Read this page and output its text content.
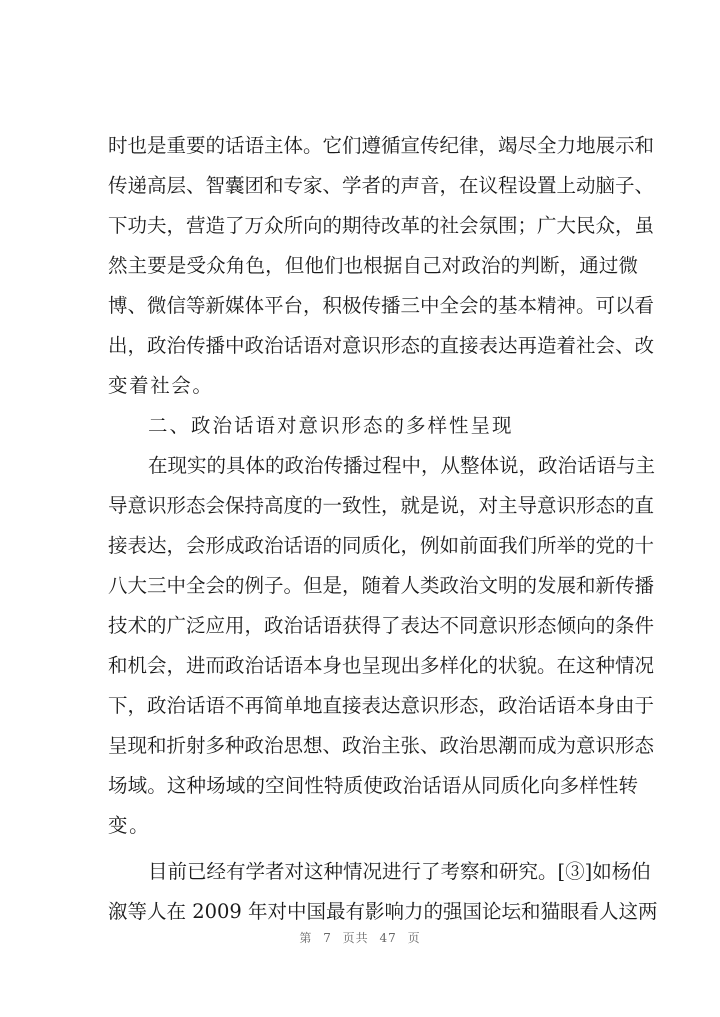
时也是重要的话语主体。它们遵循宣传纪律，竭尽全力地展示和
传递高层、智囊团和专家、学者的声音，在议程设置上动脑子、
下功夫，营造了万众所向的期待改革的社会氛围；广大民众，虽
然主要是受众角色，但他们也根据自己对政治的判断，通过微
博、微信等新媒体平台，积极传播三中全会的基本精神。可以看
出，政治传播中政治话语对意识形态的直接表达再造着社会、改
变着社会。
二、政治话语对意识形态的多样性呈现
在现实的具体的政治传播过程中，从整体说，政治话语与主
导意识形态会保持高度的一致性，就是说，对主导意识形态的直
接表达，会形成政治话语的同质化，例如前面我们所举的党的十
八大三中全会的例子。但是，随着人类政治文明的发展和新传播
技术的广泛应用，政治话语获得了表达不同意识形态倾向的条件
和机会，进而政治话语本身也呈现出多样化的状貌。在这种情况
下，政治话语不再简单地直接表达意识形态，政治话语本身由于
呈现和折射多种政治思想、政治主张、政治思潮而成为意识形态
场域。这种场域的空间性特质使政治话语从同质化向多样性转
变。
目前已经有学者对这种情况进行了考察和研究。[③]如杨伯
溆等人在 2009 年对中国最有影响力的强国论坛和猫眼看人这两
第 7 页共 47 页
